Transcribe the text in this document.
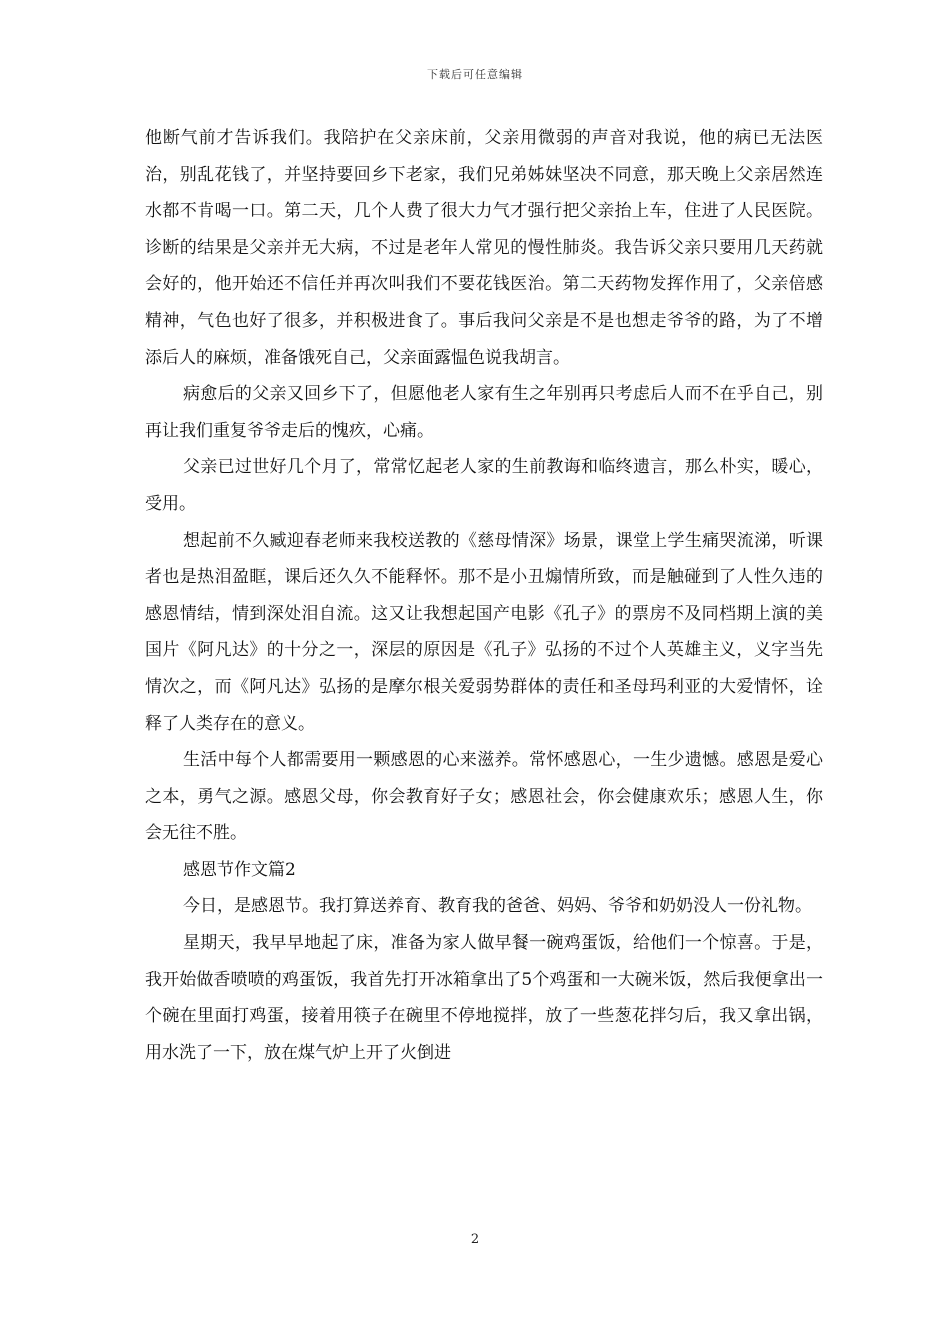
下载后可任意编辑

他断气前才告诉我们。我陪护在父亲床前，父亲用微弱的声音对我说，他的病已无法医治，别乱花钱了，并坚持要回乡下老家，我们兄弟姊妹坚决不同意，那天晚上父亲居然连水都不肯喝一口。第二天，几个人费了很大力气才强行把父亲抬上车，住进了人民医院。诊断的结果是父亲并无大病，不过是老年人常见的慢性肺炎。我告诉父亲只要用几天药就会好的，他开始还不信任并再次叫我们不要花钱医治。第二天药物发挥作用了，父亲倍感精神，气色也好了很多，并积极进食了。事后我问父亲是不是也想走爷爷的路，为了不增添后人的麻烦，准备饿死自己，父亲面露愠色说我胡言。

病愈后的父亲又回乡下了，但愿他老人家有生之年别再只考虑后人而不在乎自己，别再让我们重复爷爷走后的愧疚，心痛。

父亲已过世好几个月了，常常忆起老人家的生前教诲和临终遗言，那么朴实，暖心，受用。

想起前不久臧迎春老师来我校送教的《慈母情深》场景，课堂上学生痛哭流涕，听课者也是热泪盈眶，课后还久久不能释怀。那不是小丑煽情所致，而是触碰到了人性久违的感恩情结，情到深处泪自流。这又让我想起国产电影《孔子》的票房不及同档期上演的美国片《阿凡达》的十分之一，深层的原因是《孔子》弘扬的不过个人英雄主义，义字当先情次之，而《阿凡达》弘扬的是摩尔根关爱弱势群体的责任和圣母玛利亚的大爱情怀，诠释了人类存在的意义。

生活中每个人都需要用一颗感恩的心来滋养。常怀感恩心，一生少遗憾。感恩是爱心之本，勇气之源。感恩父母，你会教育好子女；感恩社会，你会健康欢乐；感恩人生，你会无往不胜。

感恩节作文篇2

今日，是感恩节。我打算送养育、教育我的爸爸、妈妈、爷爷和奶奶没人一份礼物。

星期天，我早早地起了床，准备为家人做早餐一碗鸡蛋饭，给他们一个惊喜。于是，我开始做香喷喷的鸡蛋饭，我首先打开冰箱拿出了5个鸡蛋和一大碗米饭，然后我便拿出一个碗在里面打鸡蛋，接着用筷子在碗里不停地搅拌，放了一些葱花拌匀后，我又拿出锅，用水洗了一下，放在煤气炉上开了火倒进

2
